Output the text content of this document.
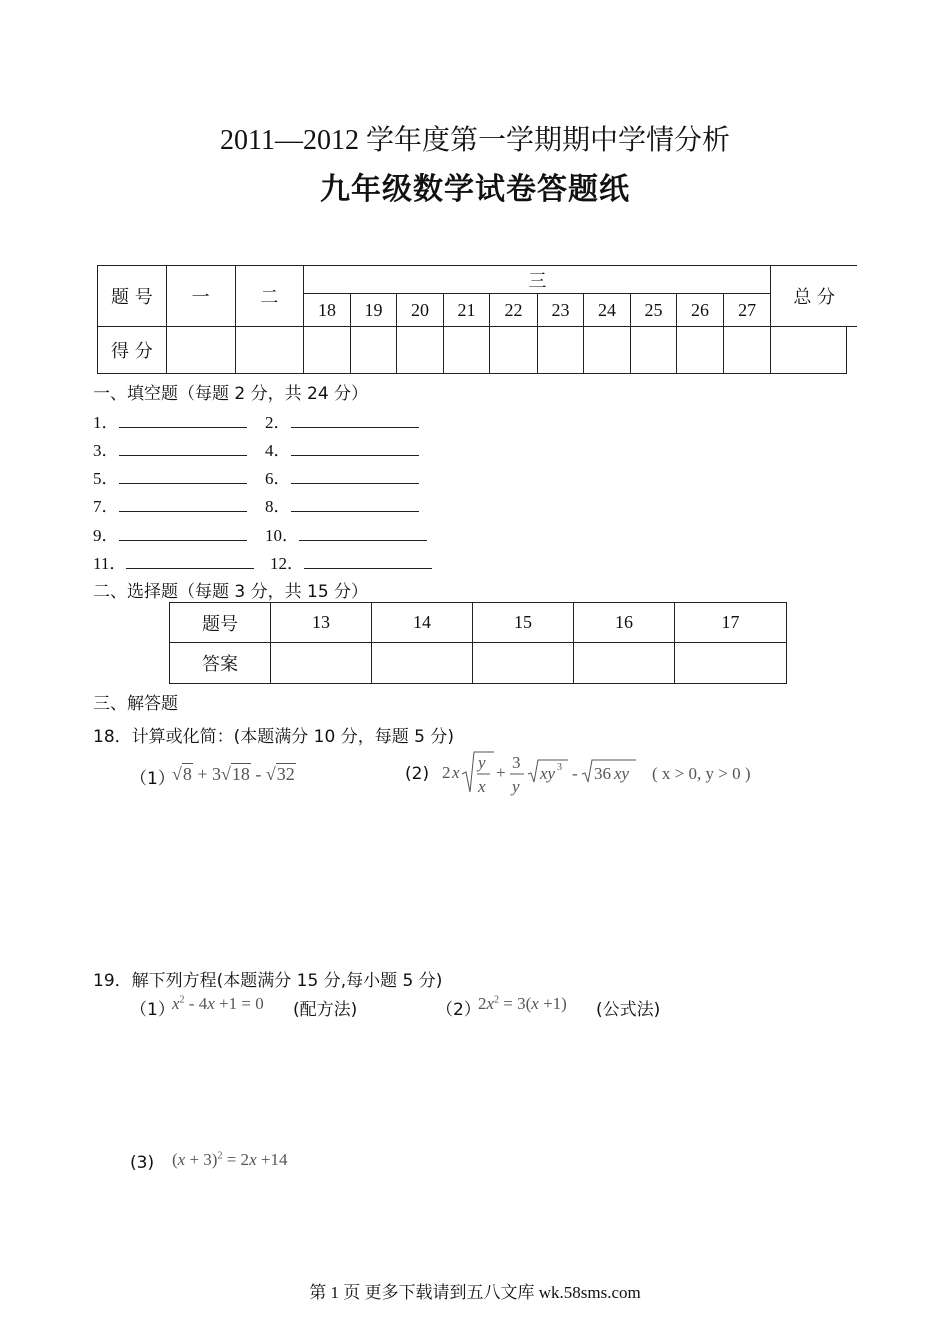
2011—2012 学年度第一学期期中学情分析
九年级数学试卷答题纸
题 号	一	二	三										总 分	
			18	19	20	21	22	23	24	25	26	27		
得 分														
一、填空题（每题 2 分，共 24 分）
1．	2．
3．	4．
5．	6．
7．	8．
9．	10．
11．	12．
二、选择题（每题 3 分，共 15 分）
题号	13	14	15	16	17
答案					
三、解答题
18．计算或化简：(本题满分 10 分，每题 5 分)
（1）
√8 + 3√18 - √32	(2) 2 x
y
x
+
3
y
xy 3 - 36 xy ( x > 0, y > 0 )
19．解下列方程(本题满分 15 分,每小题 5 分)
（1）
$x^2 - 4x +1 = 0$ (配方法)	（2）
$2x^2 = 3(x +1)$ (公式法)
(3) $(x + 3)^2 = 2x +14$
第 1 页 更多下载请到五八文库 wk.58sms.com
